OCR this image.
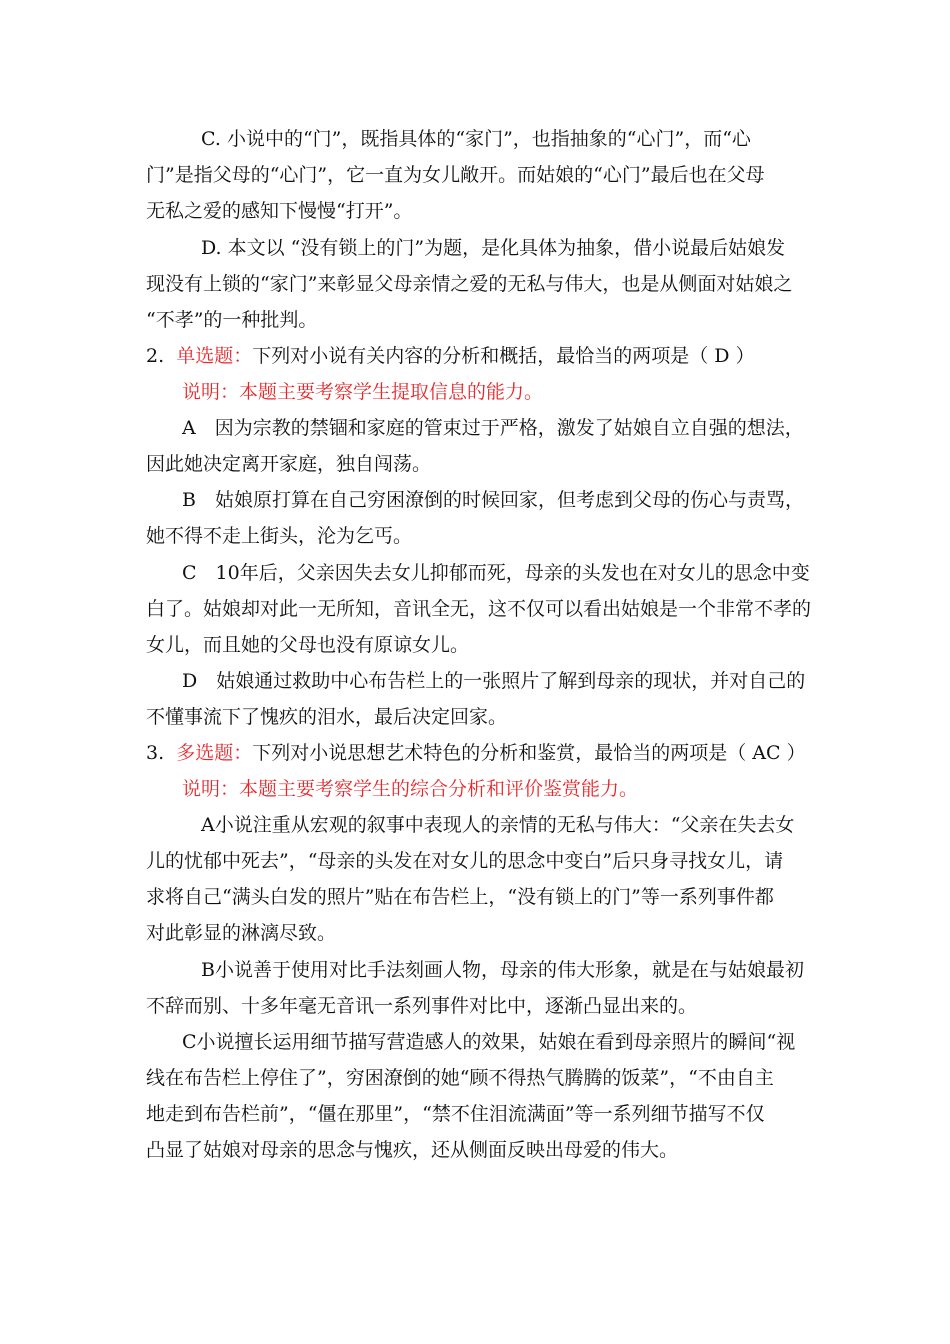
C. 小说中的“门”，既指具体的“家门”，也指抽象的“心门”，而“心
门”是指父母的“心门”，它一直为女儿敞开。而姑娘的“心门”最后也在父母
无私之爱的感知下慢慢“打开”。
D. 本文以 “没有锁上的门”为题，是化具体为抽象，借小说最后姑娘发
现没有上锁的“家门”来彰显父母亲情之爱的无私与伟大，也是从侧面对姑娘之
“不孝”的一种批判。
2. 单选题：下列对小说有关内容的分析和概括，最恰当的两项是（ D ）
说明：本题主要考察学生提取信息的能力。
A　因为宗教的禁锢和家庭的管束过于严格，激发了姑娘自立自强的想法，
因此她决定离开家庭，独自闯荡。
B　姑娘原打算在自己穷困潦倒的时候回家，但考虑到父母的伤心与责骂，
她不得不走上街头，沦为乞丐。
C　10年后，父亲因失去女儿抑郁而死，母亲的头发也在对女儿的思念中变
白了。姑娘却对此一无所知，音讯全无，这不仅可以看出姑娘是一个非常不孝的
女儿，而且她的父母也没有原谅女儿。
D　姑娘通过救助中心布告栏上的一张照片了解到母亲的现状，并对自己的
不懂事流下了愧疚的泪水，最后决定回家。
3. 多选题：下列对小说思想艺术特色的分析和鉴赏，最恰当的两项是（ AC ）
说明：本题主要考察学生的综合分析和评价鉴赏能力。
A小说注重从宏观的叙事中表现人的亲情的无私与伟大：“父亲在失去女
儿的忧郁中死去”，“母亲的头发在对女儿的思念中变白”后只身寻找女儿，请
求将自己“满头白发的照片”贴在布告栏上，“没有锁上的门”等一系列事件都
对此彰显的淋漓尽致。
B小说善于使用对比手法刻画人物，母亲的伟大形象，就是在与姑娘最初
不辞而别、十多年毫无音讯一系列事件对比中，逐渐凸显出来的。
C小说擅长运用细节描写营造感人的效果，姑娘在看到母亲照片的瞬间“视
线在布告栏上停住了”，穷困潦倒的她“顾不得热气腾腾的饭菜”，“不由自主
地走到布告栏前”，“僵在那里”，“禁不住泪流满面”等一系列细节描写不仅
凸显了姑娘对母亲的思念与愧疚，还从侧面反映出母爱的伟大。
